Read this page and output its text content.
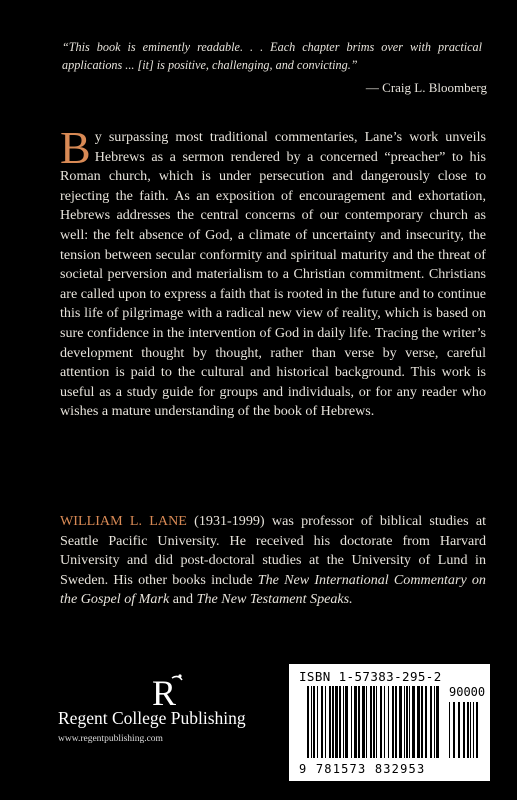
“This book is eminently readable. . . Each chapter brims over with practical applications ... [it] is positive, challenging, and convicting.”
— Craig L. Bloomberg
By surpassing most traditional commentaries, Lane’s work unveils Hebrews as a sermon rendered by a concerned “preacher” to his Roman church, which is under persecution and dangerously close to rejecting the faith. As an exposition of encouragement and exhortation, Hebrews addresses the central concerns of our contemporary church as well: the felt absence of God, a climate of uncertainty and insecurity, the tension between secular conformity and spiritual maturity and the threat of societal perversion and materialism to a Christian commitment. Christians are called upon to express a faith that is rooted in the future and to continue this life of pilgrimage with a radical new view of reality, which is based on sure confidence in the intervention of God in daily life. Tracing the writer’s development thought by thought, rather than verse by verse, careful attention is paid to the cultural and historical background. This work is useful as a study guide for groups and individuals, or for any reader who wishes a mature understanding of the book of Hebrews.
WILLIAM L. LANE (1931-1999) was professor of biblical studies at Seattle Pacific University. He received his doctorate from Harvard University and did post-doctoral studies at the University of Lund in Sweden. His other books include The New International Commentary on the Gospel of Mark and The New Testament Speaks.
R
Regent College Publishing
www.regentpublishing.com
ISBN 1-57383-295-2
90000
9 781573 832953
